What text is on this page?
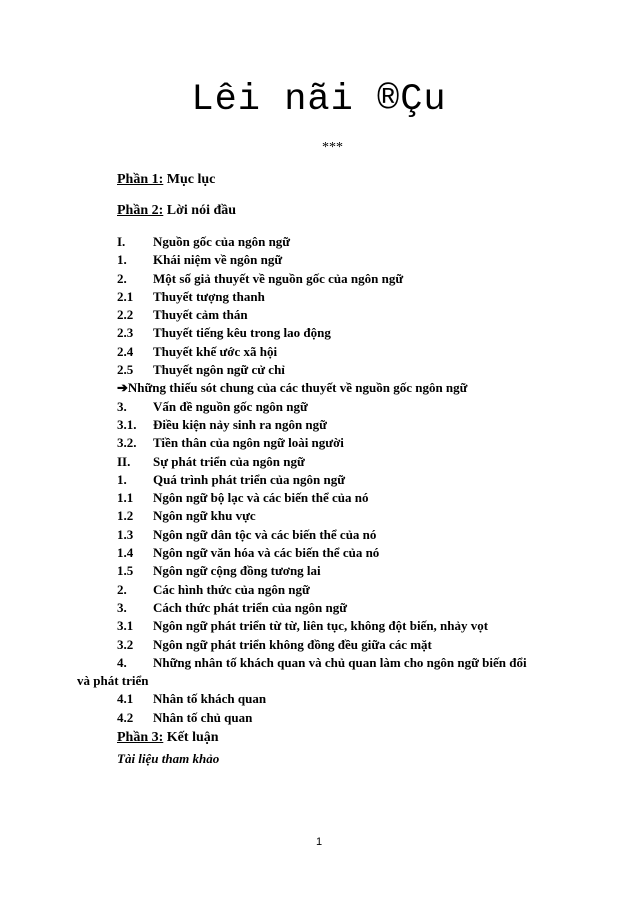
Lêi nãi ®Çu
***
Phần 1: Mục lục
Phần 2: Lời nói đầu
I.Nguồn gốc của ngôn ngữ
1. Khái niệm về ngôn ngữ
2. Một số giả thuyết về nguồn gốc của ngôn ngữ
2.1 Thuyết tượng thanh
2.2 Thuyết cảm thán
2.3 Thuyết tiếng kêu trong lao động
2.4 Thuyết khế ước xã hội
2.5 Thuyết ngôn ngữ cử chỉ
➔Những thiếu sót chung của các thuyết về nguồn gốc ngôn ngữ
3. Vấn đề nguồn gốc ngôn ngữ
3.1. Điều kiện nảy sinh ra ngôn ngữ
3.2. Tiền thân của ngôn ngữ loài người
II. Sự phát triển của ngôn ngữ
1. Quá trình phát triển của ngôn ngữ
1.1 Ngôn ngữ bộ lạc và các biến thể của nó
1.2 Ngôn ngữ khu vực
1.3 Ngôn ngữ dân tộc và các biến thể của nó
1.4 Ngôn ngữ văn hóa và các biến thể của nó
1.5 Ngôn ngữ cộng đồng tương lai
2. Các hình thức của ngôn ngữ
3. Cách thức phát triển của ngôn ngữ
3.1 Ngôn ngữ phát triển từ từ, liên tục, không đột biến, nhảy vọt
3.2 Ngôn ngữ phát triển không đồng đều giữa các mặt
4. Những nhân tố khách quan và chủ quan làm cho ngôn ngữ biến đổi
và phát triển
4.1 Nhân tố khách quan
4.2 Nhân tố chủ quan
Phần 3: Kết luận
Tài liệu tham khảo
1
